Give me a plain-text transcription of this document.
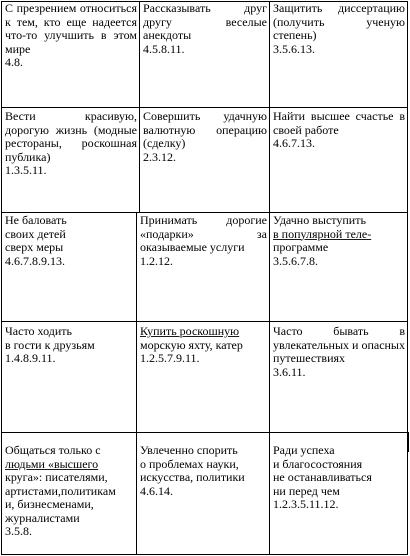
С презрением относиться к тем, кто еще надеется что-то улучшить в этом мире
4.8.
Рассказывать друг другу веселые анекдоты
4.5.8.11.
Защитить диссертацию (получить ученую степень)
3.5.6.13.
Вести красивую, дорогую жизнь (модные рестораны, роскошная публика)
1.3.5.11.
Совершить удачную валютную операцию (сделку)
2.3.12.
Найти высшее счастье в своей работе
4.6.7.13.
Не баловать
своих детей
сверх меры
4.6.7.8.9.13.
Принимать дорогие «подарки» за оказываемые услуги
1.2.12.
Удачно выступить
в популярной теле-
программе
3.5.6.7.8.
Часто ходить
в гости к друзьям
1.4.8.9.11.
Купить роскошную
морскую яхту, катер
1.2.5.7.9.11.
Часто бывать в увлекательных и опасных путешествиях
3.6.11.
Общаться только с
людьми «высшего
круга»: писателями,
артистами,политикам
и, бизнесменами,
журналистами
3.5.8.
Увлеченно спорить
о проблемах науки,
искусства, политики
4.6.14.
Ради успеха
и благосостояния
не останавливаться
ни перед чем
1.2.3.5.11.12.
